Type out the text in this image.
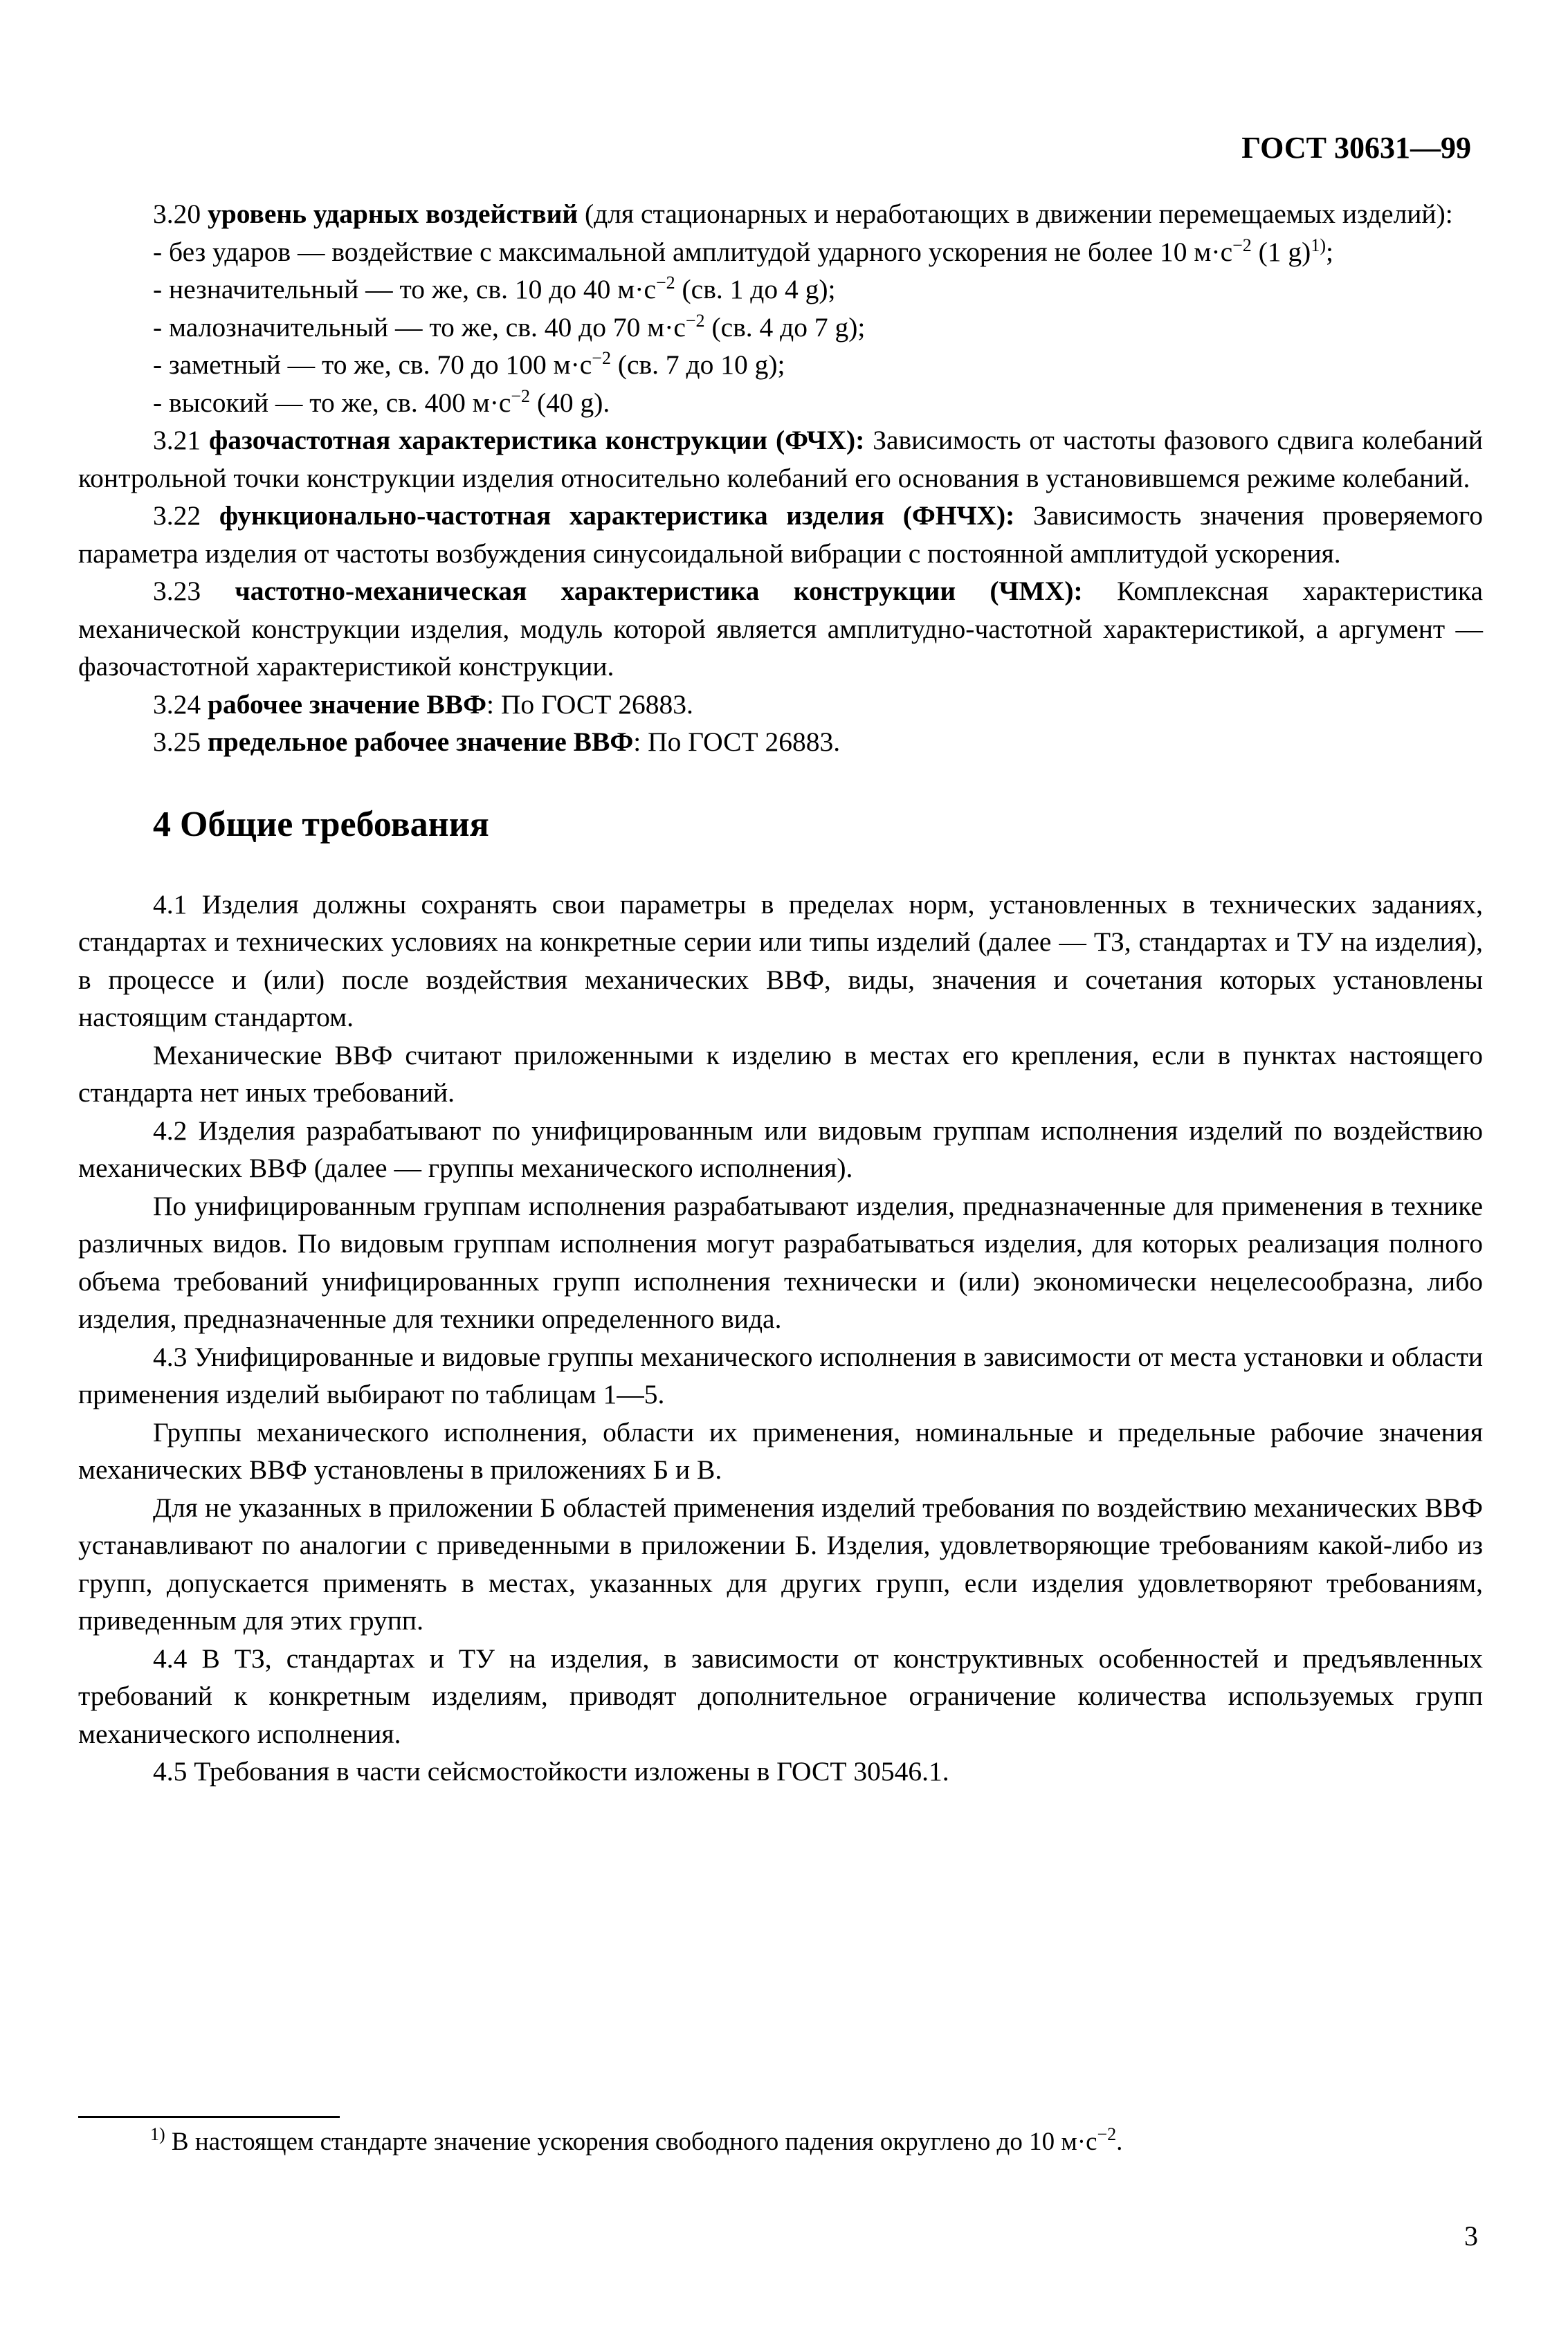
ГОСТ 30631—99

3.20 уровень ударных воздействий (для стационарных и неработающих в движении перемещаемых изделий):

- без ударов — воздействие с максимальной амплитудой ударного ускорения не более 10 $м\cdot с^{-2}$ (1 g)$^{1)}$;

- незначительный — то же, св. 10 до 40 $м\cdot с^{-2}$ (св. 1 до 4 g);

- малозначительный — то же, св. 40 до 70 $м\cdot с^{-2}$ (св. 4 до 7 g);

- заметный — то же, св. 70 до 100 $м\cdot с^{-2}$ (св. 7 до 10 g);

- высокий — то же, св. 400 $м\cdot с^{-2}$ (40 g).

3.21 фазочастотная характеристика конструкции (ФЧХ): Зависимость от частоты фазового сдвига колебаний контрольной точки конструкции изделия относительно колебаний его основания в установившемся режиме колебаний.

3.22 функционально-частотная характеристика изделия (ФНЧХ): Зависимость значения проверяемого параметра изделия от частоты возбуждения синусоидальной вибрации с постоянной амплитудой ускорения.

3.23 частотно-механическая характеристика конструкции (ЧМХ): Комплексная характеристика механической конструкции изделия, модуль которой является амплитудно-частотной характеристикой, а аргумент — фазочастотной характеристикой конструкции.

3.24 рабочее значение ВВФ: По ГОСТ 26883.

3.25 предельное рабочее значение ВВФ: По ГОСТ 26883.

4 Общие требования

4.1 Изделия должны сохранять свои параметры в пределах норм, установленных в технических заданиях, стандартах и технических условиях на конкретные серии или типы изделий (далее — ТЗ, стандартах и ТУ на изделия), в процессе и (или) после воздействия механических ВВФ, виды, значения и сочетания которых установлены настоящим стандартом.

Механические ВВФ считают приложенными к изделию в местах его крепления, если в пунктах настоящего стандарта нет иных требований.

4.2 Изделия разрабатывают по унифицированным или видовым группам исполнения изделий по воздействию механических ВВФ (далее — группы механического исполнения).

По унифицированным группам исполнения разрабатывают изделия, предназначенные для применения в технике различных видов. По видовым группам исполнения могут разрабатываться изделия, для которых реализация полного объема требований унифицированных групп исполнения технически и (или) экономически нецелесообразна, либо изделия, предназначенные для техники определенного вида.

4.3 Унифицированные и видовые группы механического исполнения в зависимости от места установки и области применения изделий выбирают по таблицам 1—5.

Группы механического исполнения, области их применения, номинальные и предельные рабочие значения механических ВВФ установлены в приложениях Б и В.

Для не указанных в приложении Б областей применения изделий требования по воздействию механических ВВФ устанавливают по аналогии с приведенными в приложении Б. Изделия, удовлетворяющие требованиям какой-либо из групп, допускается применять в местах, указанных для других групп, если изделия удовлетворяют требованиям, приведенным для этих групп.

4.4 В ТЗ, стандартах и ТУ на изделия, в зависимости от конструктивных особенностей и предъявленных требований к конкретным изделиям, приводят дополнительное ограничение количества используемых групп механического исполнения.

4.5 Требования в части сейсмостойкости изложены в ГОСТ 30546.1.

$^{1)}$ В настоящем стандарте значение ускорения свободного падения округлено до 10 $м\cdot с^{-2}$.
3
